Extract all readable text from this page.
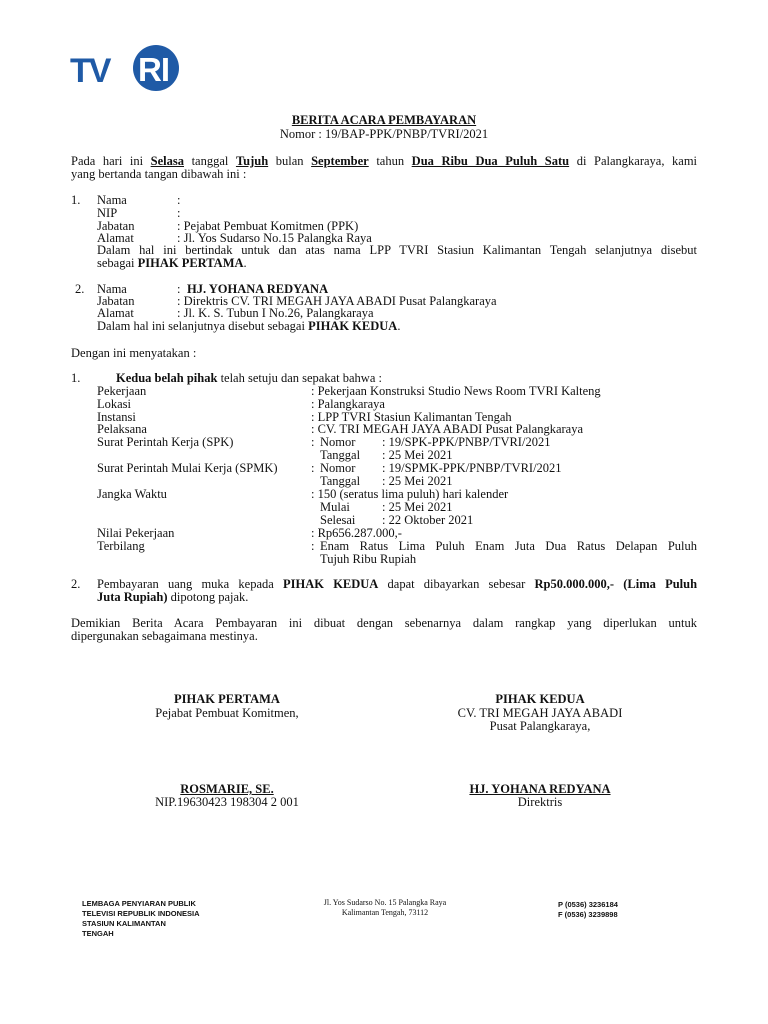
TV RI
BERITA ACARA PEMBAYARAN
Nomor : 19/BAP-PPK/PNBP/TVRI/2021
Pada hari ini Selasa tanggal Tujuh bulan September tahun Dua Ribu Dua Puluh Satu di Palangkaraya, kami
yang bertanda tangan dibawah ini :
1. Nama	:
NIP	:
Jabatan	: Pejabat Pembuat Komitmen (PPK)
Alamat	: Jl. Yos Sudarso No.15 Palangka Raya
Dalam hal ini bertindak untuk dan atas nama LPP TVRI Stasiun Kalimantan Tengah selanjutnya disebut
sebagai PIHAK PERTAMA.
2. Nama	: HJ. YOHANA REDYANA
Jabatan	: Direktris CV. TRI MEGAH JAYA ABADI Pusat Palangkaraya
Alamat	: Jl. K. S. Tubun I No.26, Palangkaraya
Dalam hal ini selanjutnya disebut sebagai PIHAK KEDUA.
Dengan ini menyatakan :
1.	Kedua belah pihak telah setuju dan sepakat bahwa :
Pekerjaan	: Pekerjaan Konstruksi Studio News Room TVRI Kalteng
Lokasi	: Palangkaraya
Instansi	: LPP TVRI Stasiun Kalimantan Tengah
Pelaksana	: CV. TRI MEGAH JAYA ABADI Pusat Palangkaraya
Surat Perintah Kerja (SPK)	: Nomor : 19/SPK-PPK/PNBP/TVRI/2021
Tanggal : 25 Mei 2021
Surat Perintah Mulai Kerja (SPMK)	: Nomor : 19/SPMK-PPK/PNBP/TVRI/2021
Tanggal : 25 Mei 2021
Jangka Waktu	: 150 (seratus lima puluh) hari kalender
Mulai	: 25 Mei 2021
Selesai : 22 Oktober 2021
Nilai Pekerjaan	: Rp656.287.000,-
Terbilang	: Enam Ratus Lima Puluh Enam Juta Dua Ratus Delapan Puluh
Tujuh Ribu Rupiah
2. Pembayaran uang muka kepada PIHAK KEDUA dapat dibayarkan sebesar Rp50.000.000,- (Lima Puluh
Juta Rupiah) dipotong pajak.
Demikian Berita Acara Pembayaran ini dibuat dengan sebenarnya dalam rangkap yang diperlukan untuk
dipergunakan sebagaimana mestinya.
PIHAK PERTAMA
Pejabat Pembuat Komitmen,
ROSMARIE, SE.
NIP.19630423 198304 2 001
PIHAK KEDUA
CV. TRI MEGAH JAYA ABADI
Pusat Palangkaraya,
HJ. YOHANA REDYANA
Direktris
LEMBAGA PENYIARAN PUBLIK
TELEVISI REPUBLIK INDONESIA
STASIUN KALIMANTAN
TENGAH
Jl. Yos Sudarso No. 15 Palangka Raya
Kalimantan Tengah, 73112
P (0536) 3236184
F (0536) 3239898
